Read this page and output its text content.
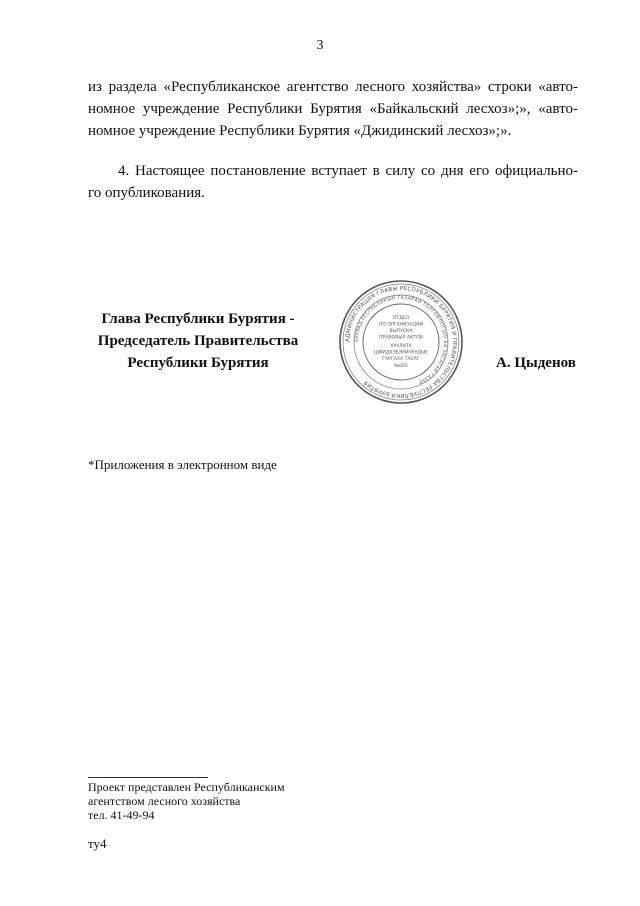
3
из раздела «Республиканское агентство лесного хозяйства» строки «авто-
номное учреждение Республики Бурятия «Байкальский лесхоз»;», «авто-
номное учреждение Республики Бурятия «Джидинский лесхоз»;».
4. Настоящее постановление вступает в силу со дня его официально-
го опубликования.
Глава Республики Бурятия -
Председатель Правительства
Республики Бурятия
АДМИНИСТРАЦИЯ ГЛАВЫ РЕСПУБЛИКИ БУРЯТИЯ И ПРАВИТЕЛЬСТВА РЕСПУБЛИКИ БУРЯТИЯ
БУРЯАД РЕСПУБЛИКЫН ГАЗАРАЙ ТОЛГОЙЛОГШО БА ЗАСАГАЙ ГАЗАР
ОТДЕЛ
ПО ОРГАНИЗАЦИИ
ВЫПУСКА
ПРАВОВЫХ АКТОВ
ХУУЛИТА
ШИИДХЭБЭРИНУУДЫЕ
ГАРГАХА ТАСАГ
№005	А. Цыденов
*Приложения в электронном виде
Проект представлен Республиканским
агентством лесного хозяйства
тел. 41-49-94
ту4
